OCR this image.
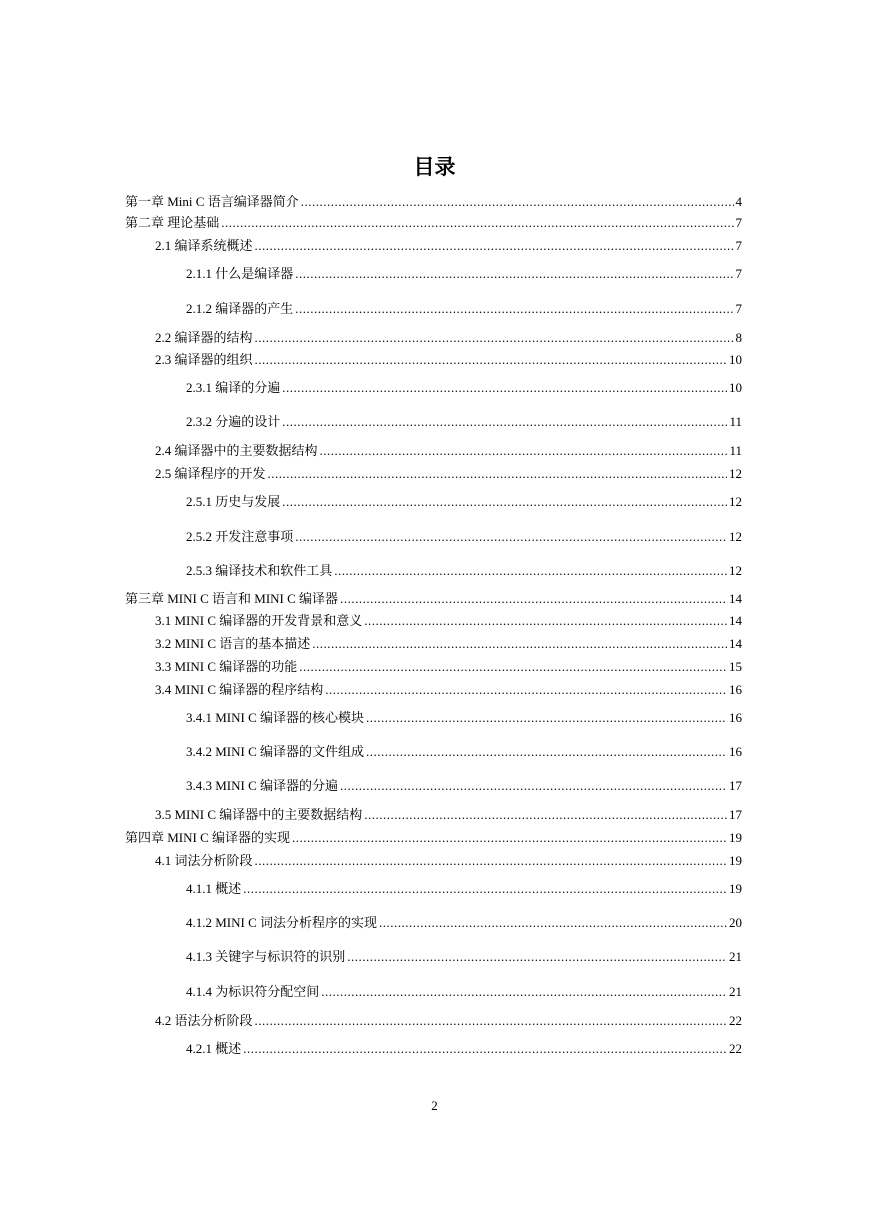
目录
第一章 Mini C 语言编译器简介 .....	4
第二章 理论基础 .....	7
2.1 编译系统概述 .....	7
2.1.1 什么是编译器 .....	7
2.1.2 编译器的产生 .....	7
2.2 编译器的结构 .....	8
2.3 编译器的组织 .....	10
2.3.1 编译的分遍 .....	10
2.3.2 分遍的设计 .....	11
2.4 编译器中的主要数据结构 .....	11
2.5 编译程序的开发 .....	12
2.5.1 历史与发展 .....	12
2.5.2 开发注意事项 .....	12
2.5.3 编译技术和软件工具 .....	12
第三章 MINI C 语言和 MINI C 编译器 .....	14
3.1 MINI C 编译器的开发背景和意义 .....	14
3.2 MINI C 语言的基本描述 .....	14
3.3 MINI C 编译器的功能 .....	15
3.4 MINI C 编译器的程序结构 .....	16
3.4.1 MINI C 编译器的核心模块 .....	16
3.4.2 MINI C 编译器的文件组成 .....	16
3.4.3 MINI C 编译器的分遍 .....	17
3.5 MINI C 编译器中的主要数据结构 .....	17
第四章 MINI C 编译器的实现 .....	19
4.1 词法分析阶段 .....	19
4.1.1 概述 .....	19
4.1.2 MINI C 词法分析程序的实现 .....	20
4.1.3 关键字与标识符的识别 .....	21
4.1.4 为标识符分配空间 .....	21
4.2 语法分析阶段 .....	22
4.2.1 概述 .....	22
2
